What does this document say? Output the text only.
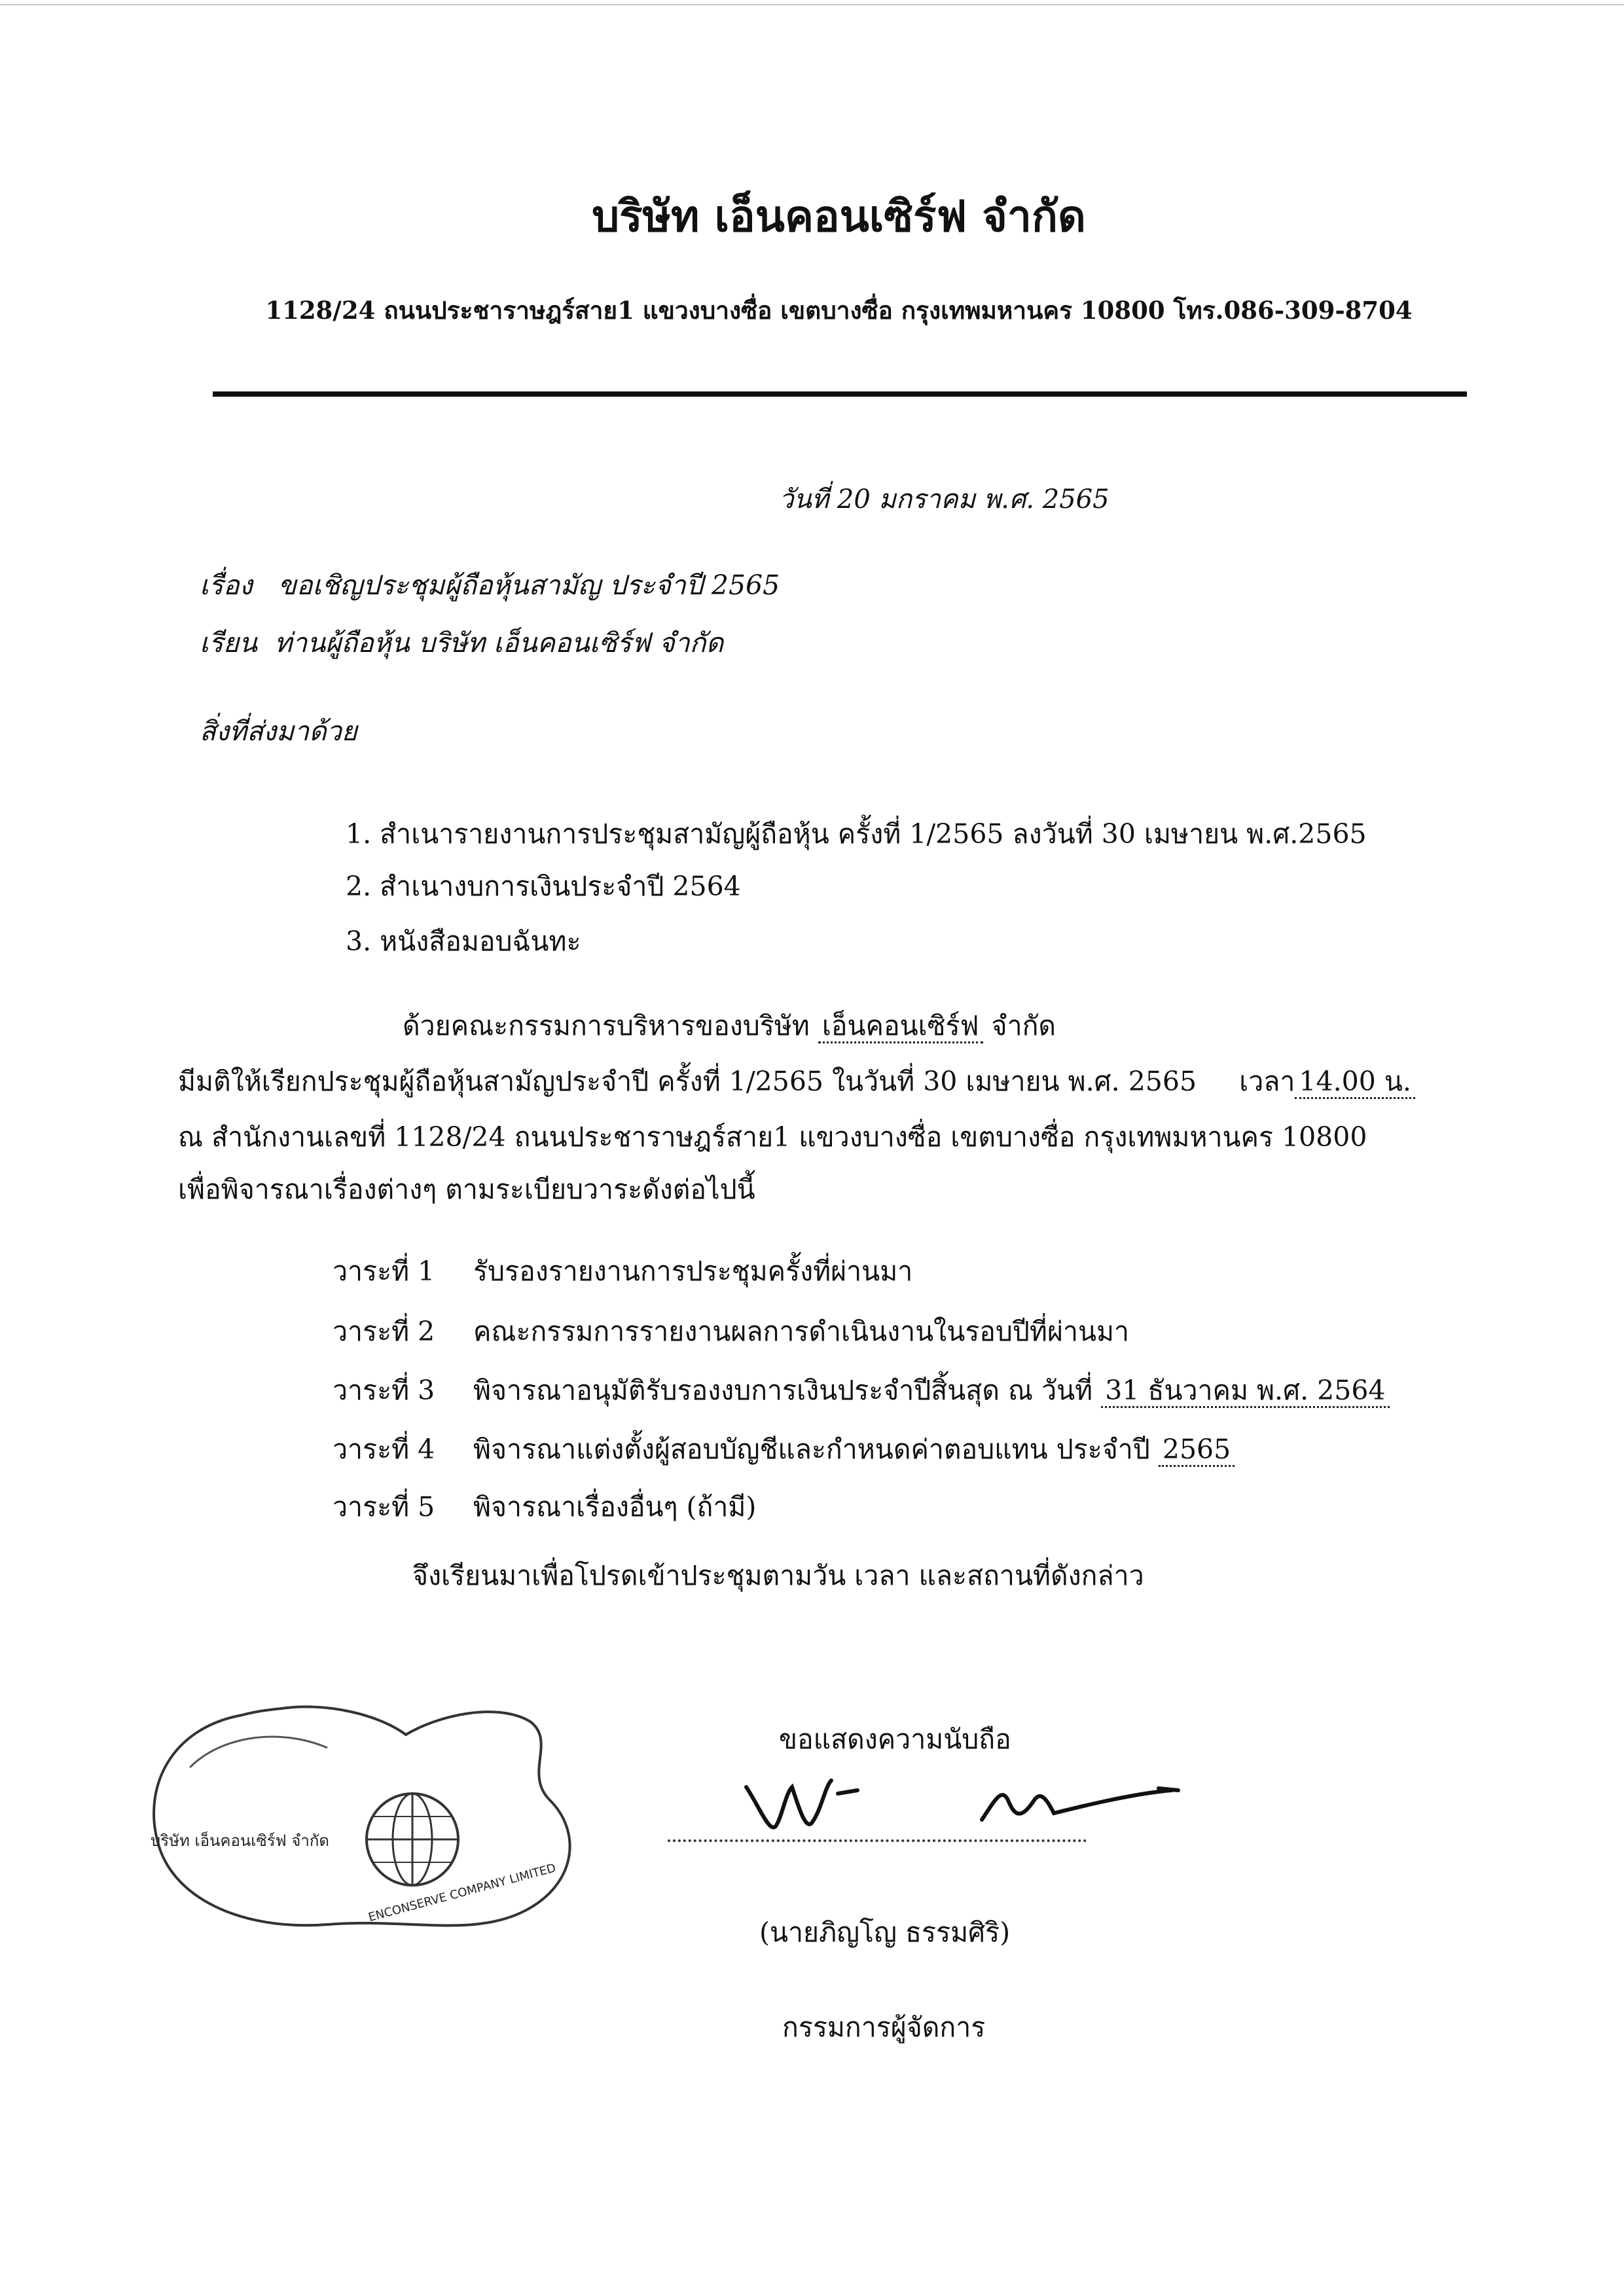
บริษัท เอ็นคอนเซิร์ฟ จำกัด
1128/24 ถนนประชาราษฎร์สาย1 แขวงบางซื่อ เขตบางซื่อ กรุงเทพมหานคร 10800 โทร.086-309-8704
วันที่ 20 มกราคม พ.ศ. 2565
เรื่อง ขอเชิญประชุมผู้ถือหุ้นสามัญ ประจำปี 2565
เรียน ท่านผู้ถือหุ้น บริษัท เอ็นคอนเซิร์ฟ จำกัด
สิ่งที่ส่งมาด้วย
1. สำเนารายงานการประชุมสามัญผู้ถือหุ้น ครั้งที่ 1/2565 ลงวันที่ 30 เมษายน พ.ศ.2565
2. สำเนางบการเงินประจำปี 2564
3. หนังสือมอบฉันทะ
ด้วยคณะกรรมการบริหารของบริษัท เอ็นคอนเซิร์ฟ จำกัด
มีมติให้เรียกประชุมผู้ถือหุ้นสามัญประจำปี ครั้งที่ 1/2565 ในวันที่ 30 เมษายน พ.ศ. 2565 เวลา 14.00 น.
ณ สำนักงานเลขที่ 1128/24 ถนนประชาราษฎร์สาย1 แขวงบางซื่อ เขตบางซื่อ กรุงเทพมหานคร 10800
เพื่อพิจารณาเรื่องต่างๆ ตามระเบียบวาระดังต่อไปนี้
วาระที่ 1 รับรองรายงานการประชุมครั้งที่ผ่านมา
วาระที่ 2 คณะกรรมการรายงานผลการดำเนินงานในรอบปีที่ผ่านมา
วาระที่ 3 พิจารณาอนุมัติรับรองงบการเงินประจำปีสิ้นสุด ณ วันที่ 31 ธันวาคม พ.ศ. 2564
วาระที่ 4 พิจารณาแต่งตั้งผู้สอบบัญชีและกำหนดค่าตอบแทน ประจำปี 2565
วาระที่ 5 พิจารณาเรื่องอื่นๆ (ถ้ามี)
จึงเรียนมาเพื่อโปรดเข้าประชุมตามวัน เวลา และสถานที่ดังกล่าว
บริษัท เอ็นคอนเซิร์ฟ จำกัด
ENCONSERVE COMPANY LIMITED
ขอแสดงความนับถือ
(นายภิญโญ ธรรมศิริ)
กรรมการผู้จัดการ
